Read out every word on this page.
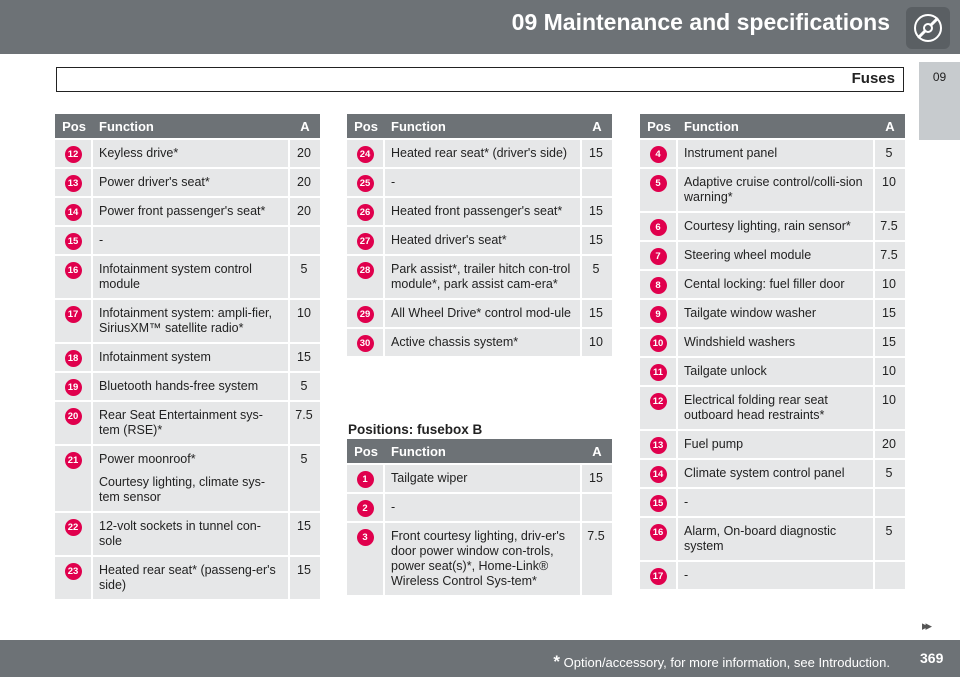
09 Maintenance and specifications
09
Fuses
Pos	Function	A
12	Keyless drive*	20
13	Power driver's seat*	20
14	Power front passenger's seat*	20
15	-	
16	Infotainment system control module	5
17	Infotainment system: ampli-fier, SiriusXM™ satellite radio*	10
18	Infotainment system	15
19	Bluetooth hands-free system	5
20	Rear Seat Entertainment sys-tem (RSE)*	7.5
21	Power moonroof*
Courtesy lighting, climate sys-tem sensor	5
22	12-volt sockets in tunnel con-sole	15
23	Heated rear seat* (passeng-er's side)	15
Pos	Function	A
24	Heated rear seat* (driver's side)	15
25	-	
26	Heated front passenger's seat*	15
27	Heated driver's seat*	15
28	Park assist*, trailer hitch con-trol module*, park assist cam-era*	5
29	All Wheel Drive* control mod-ule	15
30	Active chassis system*	10
Positions: fusebox B
Pos	Function	A
1	Tailgate wiper	15
2	-	
3	Front courtesy lighting, driv-er's door power window con-trols, power seat(s)*, Home-Link® Wireless Control Sys-tem*	7.5
Pos	Function	A
4	Instrument panel	5
5	Adaptive cruise control/colli-sion warning*	10
6	Courtesy lighting, rain sensor*	7.5
7	Steering wheel module	7.5
8	Cental locking: fuel filler door	10
9	Tailgate window washer	15
10	Windshield washers	15
11	Tailgate unlock	10
12	Electrical folding rear seat outboard head restraints*	10
13	Fuel pump	20
14	Climate system control panel	5
15	-	
16	Alarm, On-board diagnostic system	5
17	-	
▸▸
* Option/accessory, for more information, see Introduction. 369
